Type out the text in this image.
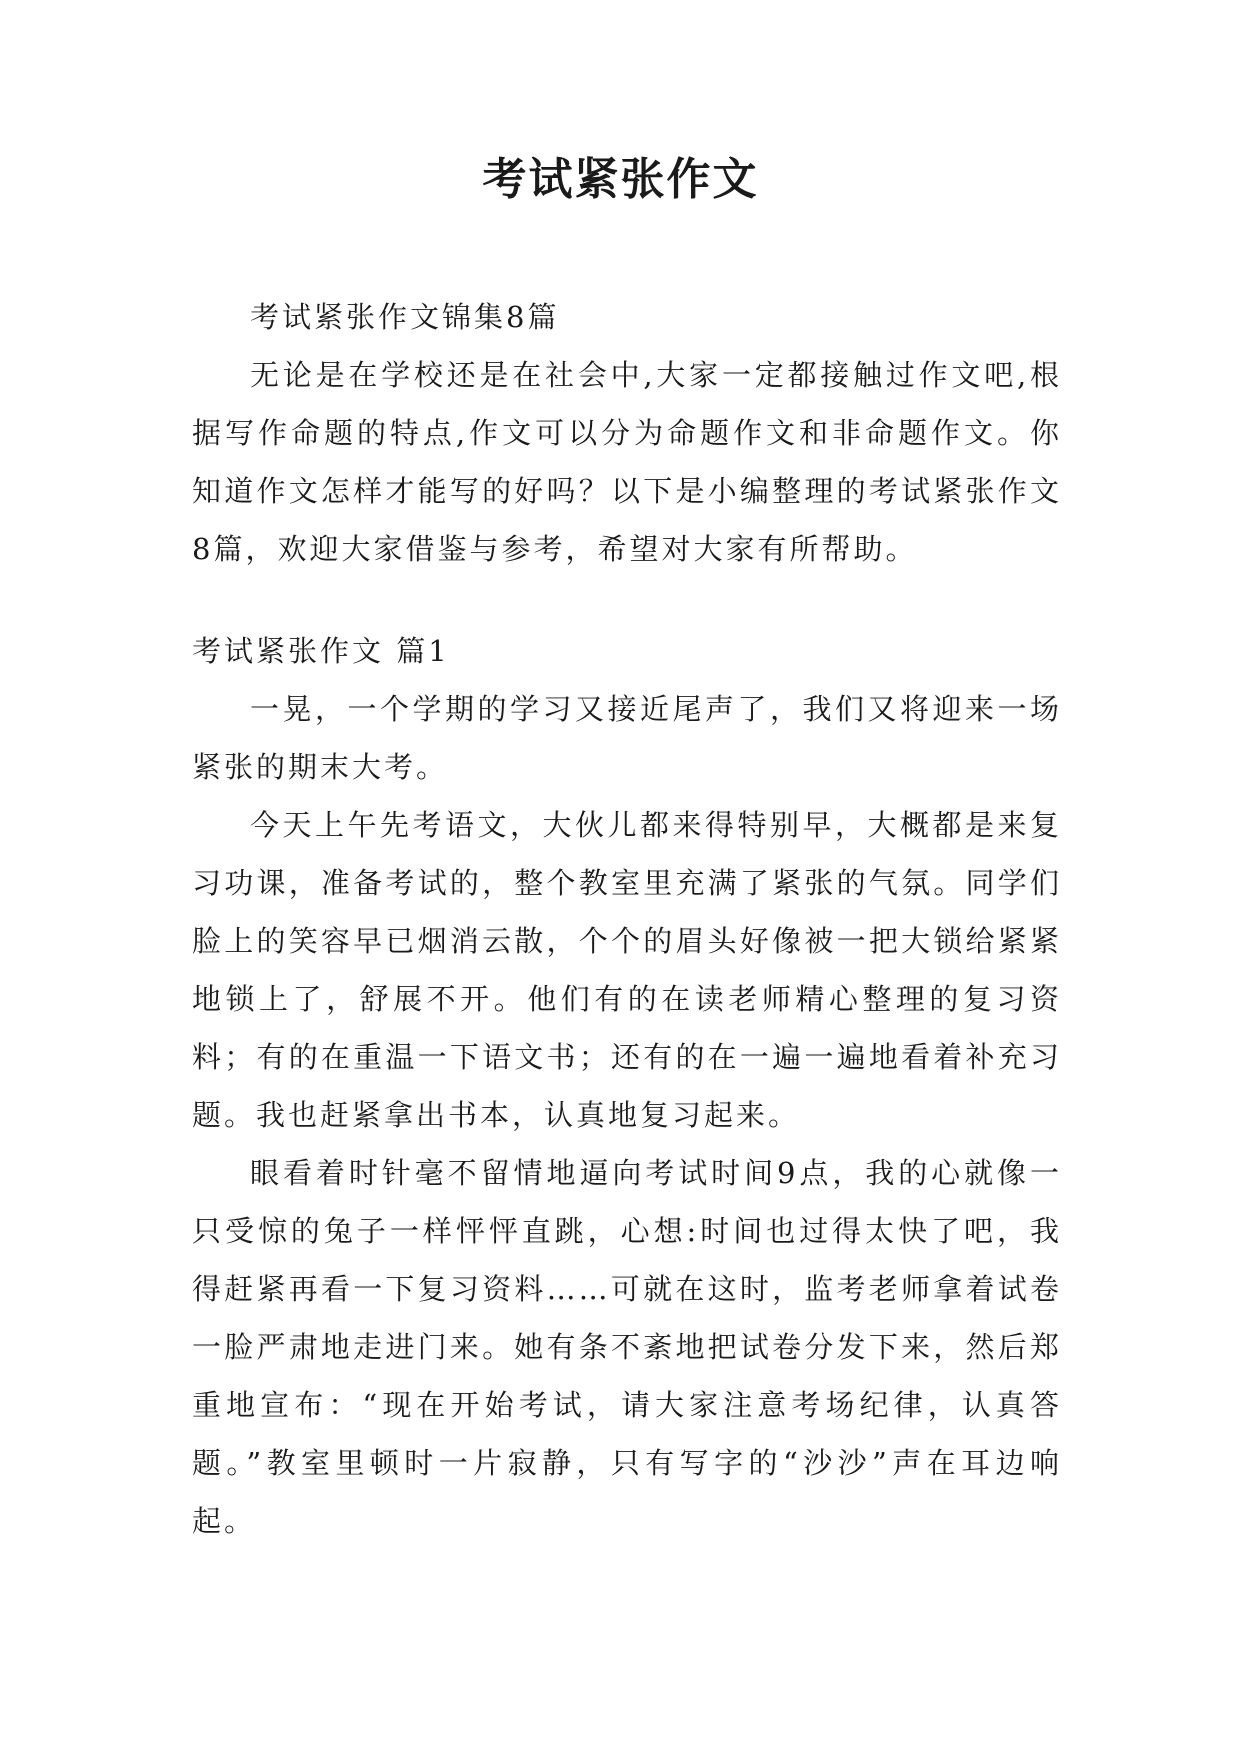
考试紧张作文

考试紧张作文锦集8篇

无论是在学校还是在社会中,大家一定都接触过作文吧,根据写作命题的特点,作文可以分为命题作文和非命题作文。你知道作文怎样才能写的好吗？以下是小编整理的考试紧张作文8篇，欢迎大家借鉴与参考，希望对大家有所帮助。

考试紧张作文 篇1

一晃，一个学期的学习又接近尾声了，我们又将迎来一场紧张的期末大考。

今天上午先考语文，大伙儿都来得特别早，大概都是来复习功课，准备考试的，整个教室里充满了紧张的气氛。同学们脸上的笑容早已烟消云散，个个的眉头好像被一把大锁给紧紧地锁上了，舒展不开。他们有的在读老师精心整理的复习资料；有的在重温一下语文书；还有的在一遍一遍地看着补充习题。我也赶紧拿出书本，认真地复习起来。

眼看着时针毫不留情地逼向考试时间9点，我的心就像一只受惊的兔子一样怦怦直跳，心想:时间也过得太快了吧，我得赶紧再看一下复习资料……可就在这时，监考老师拿着试卷一脸严肃地走进门来。她有条不紊地把试卷分发下来，然后郑重地宣布：“现在开始考试，请大家注意考场纪律，认真答题。”教室里顿时一片寂静，只有写字的“沙沙”声在耳边响起。
